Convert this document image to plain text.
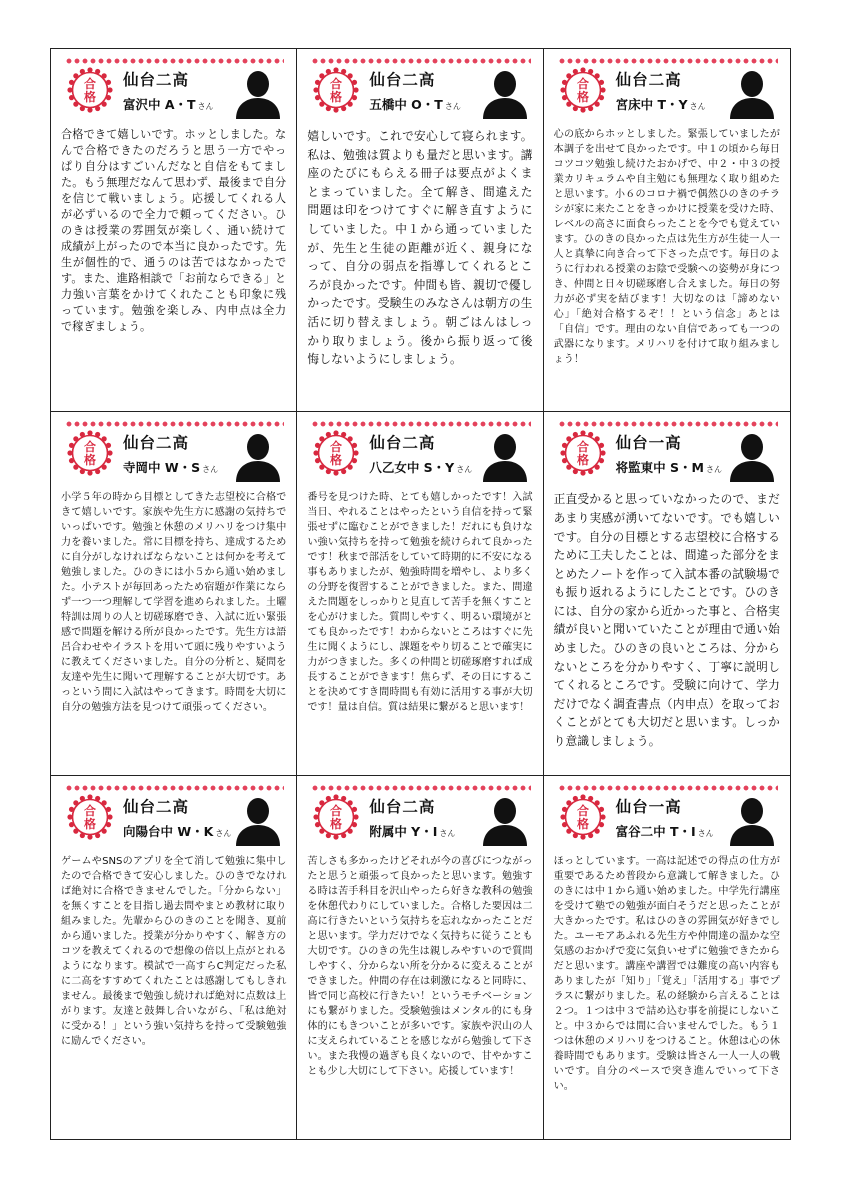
合
格
仙台二高
富沢中 A・T さん

合格できて嬉しいです。ホッとしました。なんで合格できたのだろうと思う一方でやっぱり自分はすごいんだなと自信をもてました。もう無理だなんて思わず、最後まで自分を信じて戦いましょう。応援してくれる人が必ずいるので全力で頼ってください。ひのきは授業の雰囲気が楽しく、通い続けて成績が上がったので本当に良かったです。先生が個性的で、通うのは苦ではなかったです。また、進路相談で「お前ならできる」と力強い言葉をかけてくれたことも印象に残っています。勉強を楽しみ、内申点は全力で稼ぎましょう。

合
格
仙台二高
五橋中 O・T さん

嬉しいです。これで安心して寝られます。私は、勉強は質よりも量だと思います。講座のたびにもらえる冊子は要点がよくまとまっていました。全て解き、間違えた問題は印をつけてすぐに解き直すようにしていました。中１から通っていましたが、先生と生徒の距離が近く、親身になって、自分の弱点を指導してくれるところが良かったです。仲間も皆、親切で優しかったです。受験生のみなさんは朝方の生活に切り替えましょう。朝ごはんはしっかり取りましょう。後から振り返って後悔しないようにしましょう。

合
格
仙台二高
宮床中 T・Y さん

心の底からホッとしました。緊張していましたが本調子を出せて良かったです。中１の頃から毎日コツコツ勉強し続けたおかげで、中２・中３の授業カリキュラムや自主勉にも無理なく取り組めたと思います。小６のコロナ禍で偶然ひのきのチラシが家に来たことをきっかけに授業を受けた時、レベルの高さに面食らったことを今でも覚えています。ひのきの良かった点は先生方が生徒一人一人と真摯に向き合って下さった点です。毎日のように行われる授業のお陰で受験への姿勢が身につき、仲間と日々切磋琢磨し合えました。毎日の努力が必ず実を結びます！大切なのは「諦めない心」「絶対合格するぞ！！という信念」あとは「自信」です。理由のない自信であっても一つの武器になります。メリハリを付けて取り組みましょう！

合
格
仙台二高
寺岡中 W・S さん

小学５年の時から目標としてきた志望校に合格できて嬉しいです。家族や先生方に感謝の気持ちでいっぱいです。勉強と休憩のメリハリをつけ集中力を養いました。常に目標を持ち、達成するために自分がしなければならないことは何かを考えて勉強しました。ひのきには小５から通い始めました。小テストが毎回あったため宿題が作業にならず一つ一つ理解して学習を進められました。土曜特訓は周りの人と切磋琢磨でき、入試に近い緊張感で問題を解ける所が良かったです。先生方は語呂合わせやイラストを用いて頭に残りやすいように教えてくださいました。自分の分析と、疑問を友達や先生に聞いて理解することが大切です。あっという間に入試はやってきます。時間を大切に自分の勉強方法を見つけて頑張ってください。

合
格
仙台二高
八乙女中 S・Y さん

番号を見つけた時、とても嬉しかったです！入試当日、やれることはやったという自信を持って緊張せずに臨むことができました！だれにも負けない強い気持ちを持って勉強を続けられて良かったです！秋まで部活をしていて時期的に不安になる事もありましたが、勉強時間を増やし、より多くの分野を復習することができました。また、間違えた問題をしっかりと見直して苦手を無くすことを心がけました。質問しやすく、明るい環境がとても良かったです！わからないところはすぐに先生に聞くようにし、課題をやり切ることで確実に力がつきました。多くの仲間と切磋琢磨すれば成長することができます！焦らず、その日にすることを決めてすき間時間も有効に活用する事が大切です！量は自信。質は結果に繋がると思います！

合
格
仙台一高
将監東中 S・M さん

正直受かると思っていなかったので、まだあまり実感が湧いてないです。でも嬉しいです。自分の目標とする志望校に合格するために工夫したことは、間違った部分をまとめたノートを作って入試本番の試験場でも振り返れるようにしたことです。ひのきには、自分の家から近かった事と、合格実績が良いと聞いていたことが理由で通い始めました。ひのきの良いところは、分からないところを分かりやすく、丁寧に説明してくれるところです。受験に向けて、学力だけでなく調査書点（内申点）を取っておくことがとても大切だと思います。しっかり意識しましょう。

合
格
仙台二高
向陽台中 W・K さん

ゲームやSNSのアプリを全て消して勉強に集中したので合格できて安心しました。ひのきでなければ絶対に合格できませんでした。「分からない」を無くすことを目指し過去問やまとめ教材に取り組みました。先輩からひのきのことを聞き、夏前から通いました。授業が分かりやすく、解き方のコツを教えてくれるので想像の倍以上点がとれるようになります。模試で一高すらC判定だった私に二高をすすめてくれたことは感謝してもしきれません。最後まで勉強し続ければ絶対に点数は上がります。友達と鼓舞し合いながら、「私は絶対に受かる！」という強い気持ちを持って受験勉強に励んでください。

合
格
仙台二高
附属中 Y・I さん

苦しさも多かったけどそれが今の喜びにつながったと思うと頑張って良かったと思います。勉強する時は苦手科目を沢山やったら好きな教科の勉強を休憩代わりにしていました。合格した要因は二高に行きたいという気持ちを忘れなかったことだと思います。学力だけでなく気持ちに従うことも大切です。ひのきの先生は親しみやすいので質問しやすく、分からない所を分かるに変えることができました。仲間の存在は刺激になると同時に、皆で同じ高校に行きたい！というモチベーションにも繋がりました。受験勉強はメンタル的にも身体的にもきついことが多いです。家族や沢山の人に支えられていることを感じながら勉強して下さい。また我慢の過ぎも良くないので、甘やかすことも少し大切にして下さい。応援しています！

合
格
仙台一高
富谷二中 T・I さん

ほっとしています。一高は記述での得点の仕方が重要であるため普段から意識して解きました。ひのきには中１から通い始めました。中学先行講座を受けて塾での勉強が面白そうだと思ったことが大きかったです。私はひのきの雰囲気が好きでした。ユーモアあふれる先生方や仲間達の温かな空気感のおかげで変に気負いせずに勉強できたからだと思います。講座や講習では難度の高い内容もありましたが「知り」「覚え」「活用する」事でプラスに繋がりました。私の経験から言えることは２つ。１つは中３で詰め込む事を前提にしないこと。中３からでは間に合いませんでした。もう１つは休憩のメリハリをつけること。休憩は心の休養時間でもあります。受験は皆さん一人一人の戦いです。自分のペースで突き進んでいって下さい。
